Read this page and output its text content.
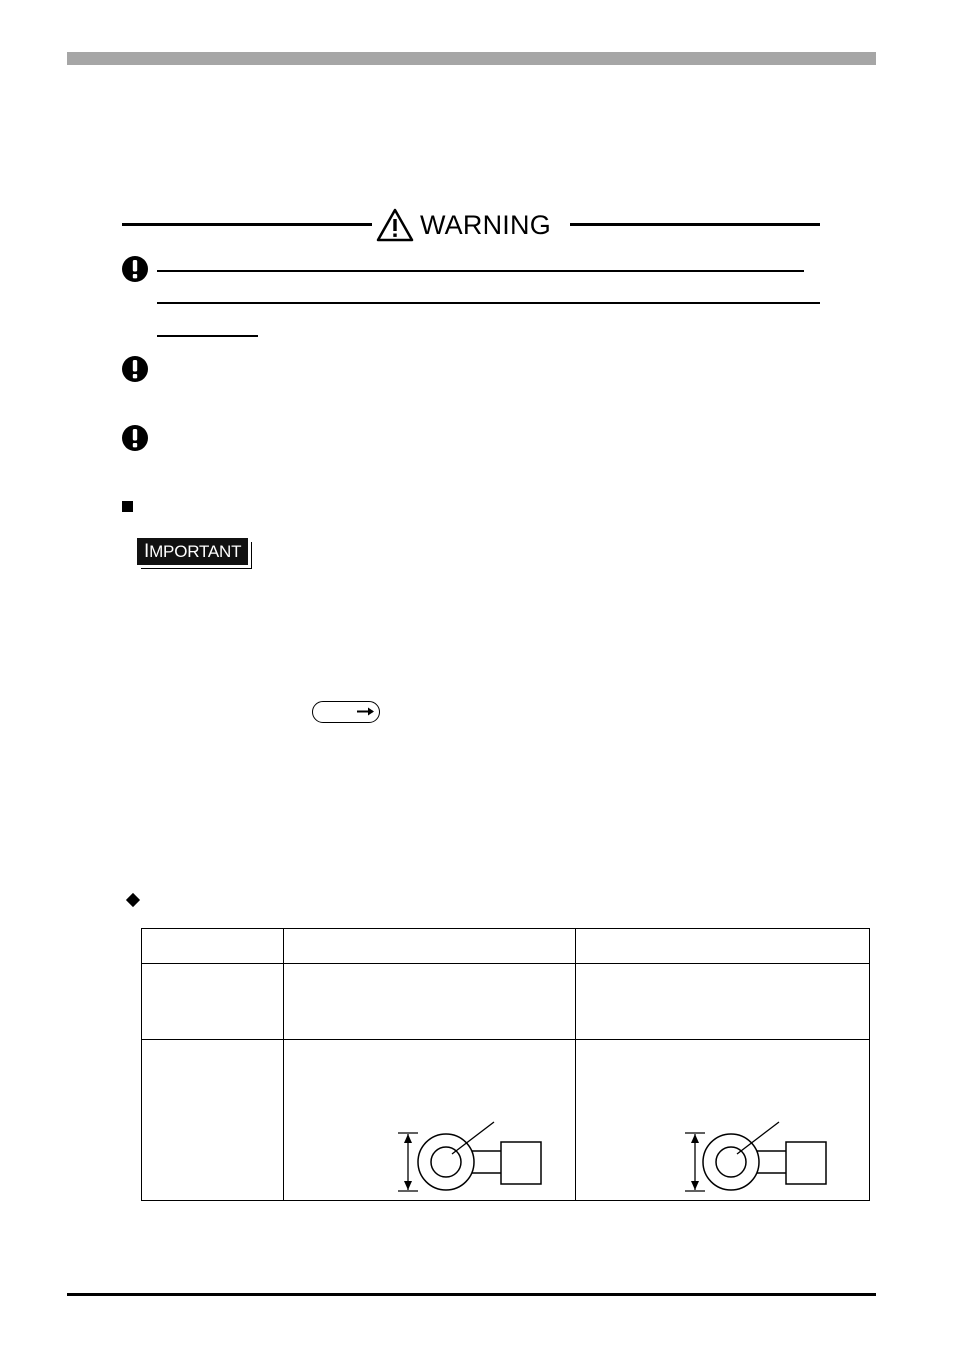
WARNING
IMPORTANT
